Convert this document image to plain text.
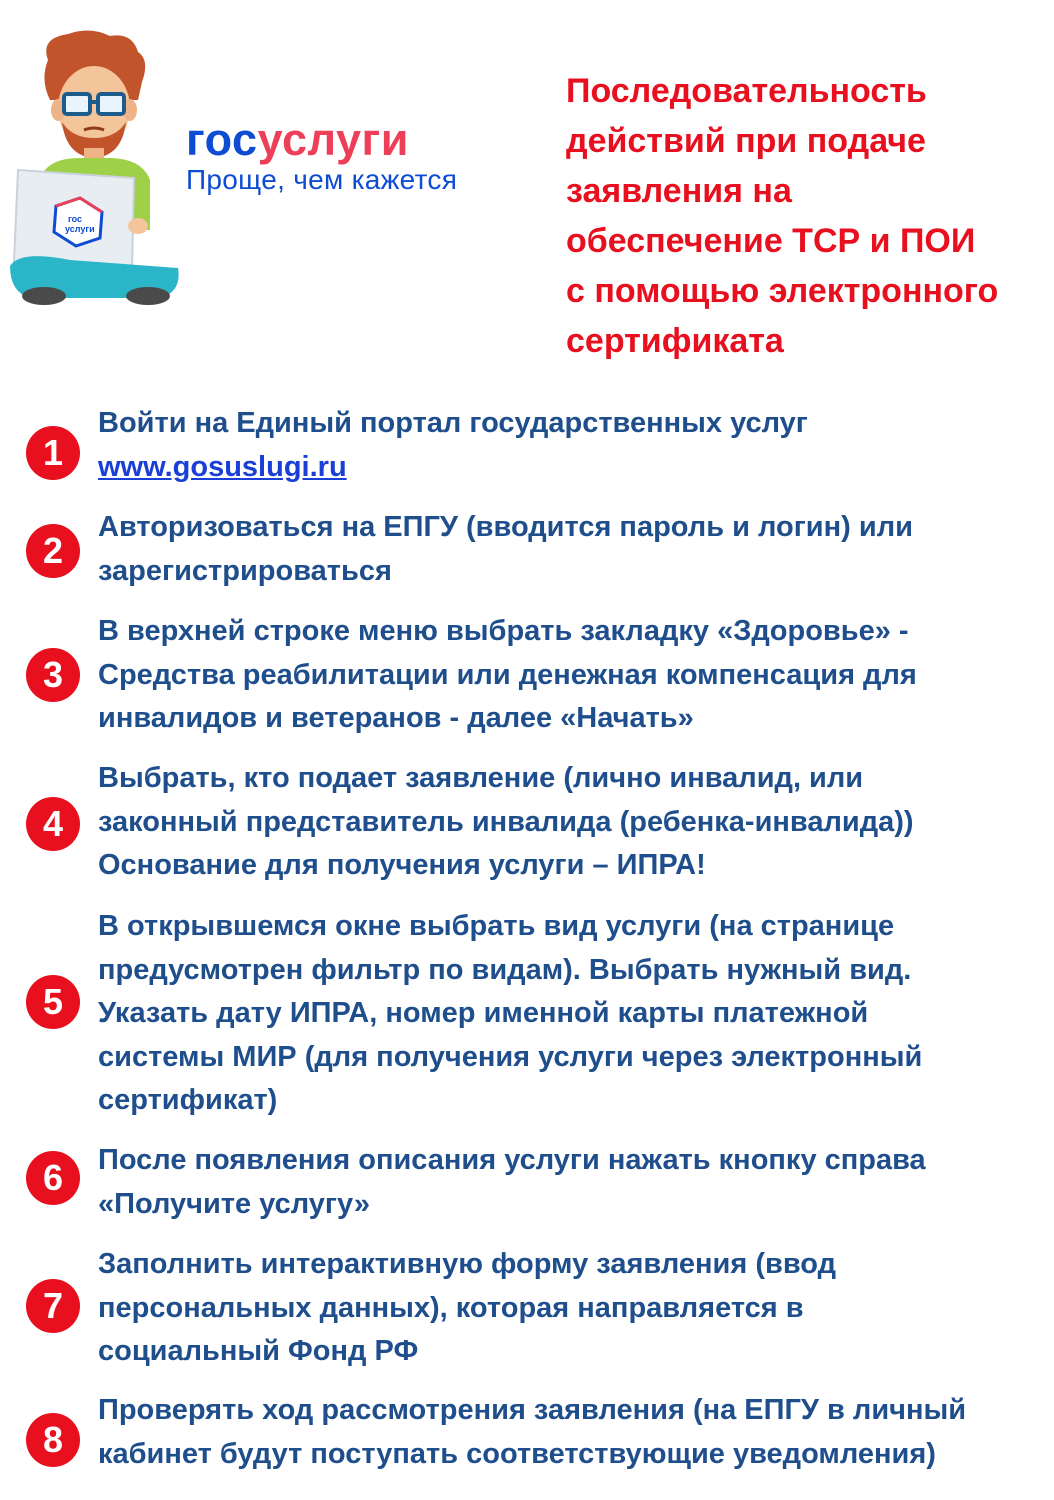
гос
услуги
госуслуги
Проще, чем кажется
Последовательность
действий при подаче
заявления на
обеспечение ТСР и ПОИ
с помощью электронного
сертификата
1
Войти на Единый портал государственных услуг
www.gosuslugi.ru
2
Авторизоваться на ЕПГУ (вводится пароль и логин) или
зарегистрироваться
3
В верхней строке меню выбрать закладку «Здоровье» -
Средства реабилитации или денежная компенсация для
инвалидов и ветеранов - далее «Начать»
4
Выбрать, кто подает заявление (лично инвалид, или
законный представитель инвалида (ребенка-инвалида))
Основание для получения услуги – ИПРА!
5
В открывшемся окне выбрать вид услуги (на странице
предусмотрен фильтр по видам). Выбрать нужный вид.
Указать дату ИПРА, номер именной карты платежной
системы МИР (для получения услуги через электронный
сертификат)
6	После появления описания услуги нажать кнопку справа
«Получите услугу»
7
Заполнить интерактивную форму заявления (ввод
персональных данных), которая направляется в
социальный Фонд РФ
8
Проверять ход рассмотрения заявления (на ЕПГУ в личный
кабинет будут поступать соответствующие уведомления)
